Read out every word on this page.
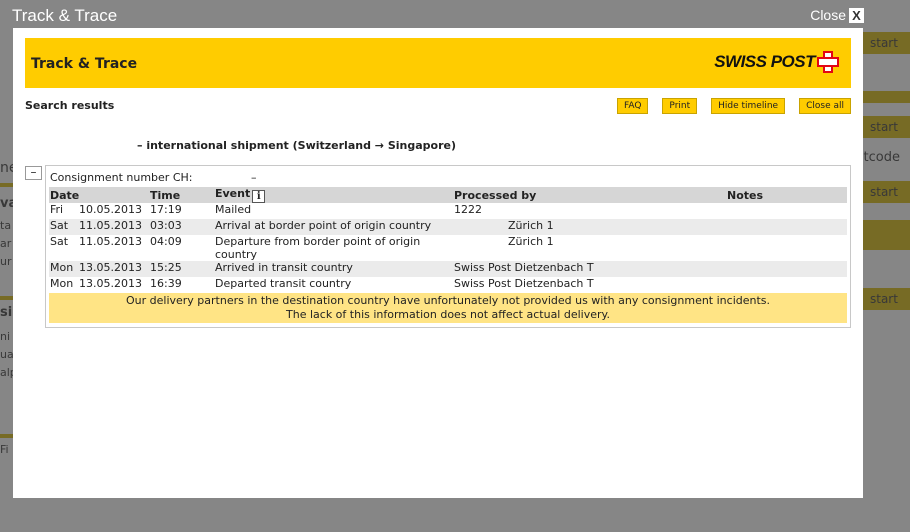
Track & Trace	Close X
Track & Trace	SWISS POST
Search results	FAQ	Print	Hide timeline	Close all
– international shipment (Switzerland → Singapore)
–	Consignment number CH:	–
Date	Time	Event i	Processed by	Notes
Fri 10.05.2013	17:19	Mailed	1222	
Sat 11.05.2013	03:03	Arrival at border point of origin country	Zürich 1	
Sat 11.05.2013	04:09	Departure from border point of origin country	Zürich 1	
Mon 13.05.2013	15:25	Arrived in transit country	Swiss Post Dietzenbach T	
Mon 13.05.2013	16:39	Departed transit country	Swiss Post Dietzenbach T	

Our delivery partners in the destination country have unfortunately not provided us with any consignment incidents.
The lack of this information does not affect actual delivery.				
